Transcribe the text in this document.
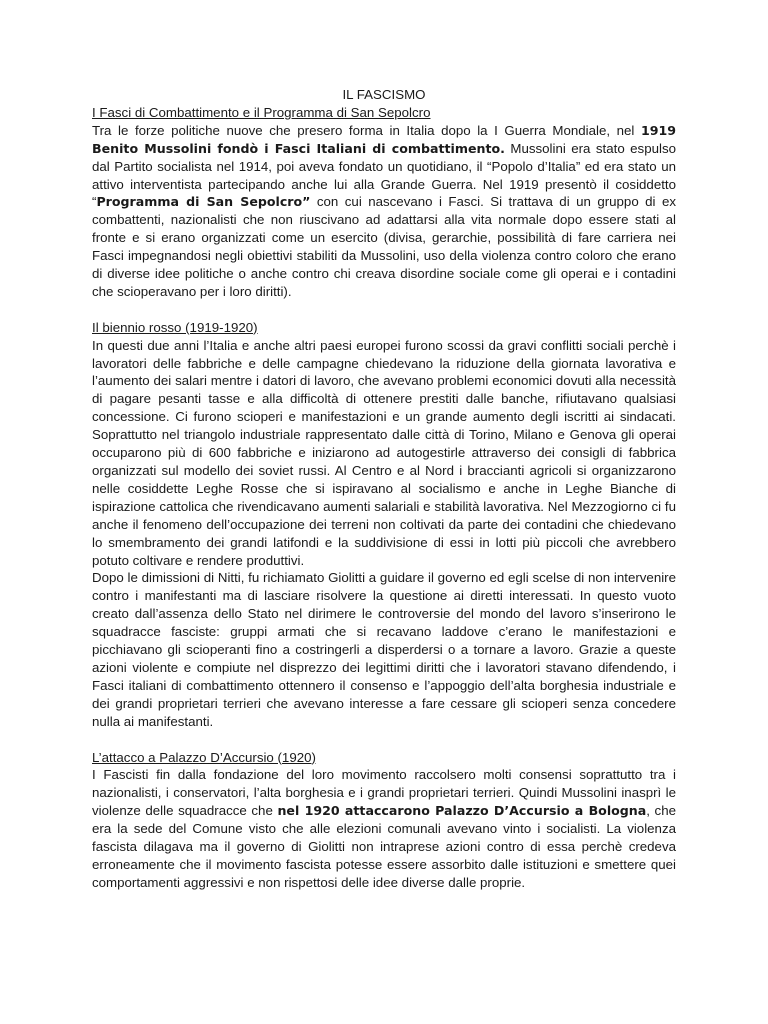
IL FASCISMO
I Fasci di Combattimento e il Programma di San Sepolcro

Tra le forze politiche nuove che presero forma in Italia dopo la I Guerra Mondiale, nel 1919 Benito Mussolini fondò i Fasci Italiani di combattimento. Mussolini era stato espulso dal Partito socialista nel 1914, poi aveva fondato un quotidiano, il “Popolo d’Italia” ed era stato un attivo interventista partecipando anche lui alla Grande Guerra. Nel 1919 presentò il cosiddetto “Programma di San Sepolcro” con cui nascevano i Fasci. Si trattava di un gruppo di ex combattenti, nazionalisti che non riuscivano ad adattarsi alla vita normale dopo essere stati al fronte e si erano organizzati come un esercito (divisa, gerarchie, possibilità di fare carriera nei Fasci impegnandosi negli obiettivi stabiliti da Mussolini, uso della violenza contro coloro che erano di diverse idee politiche o anche contro chi creava disordine sociale come gli operai e i contadini che scioperavano per i loro diritti).

Il biennio rosso (1919-1920)

In questi due anni l’Italia e anche altri paesi europei furono scossi da gravi conflitti sociali perchè i lavoratori delle fabbriche e delle campagne chiedevano la riduzione della giornata lavorativa e l’aumento dei salari mentre i datori di lavoro, che avevano problemi economici dovuti alla necessità di pagare pesanti tasse e alla difficoltà di ottenere prestiti dalle banche, rifiutavano qualsiasi concessione. Ci furono scioperi e manifestazioni e un grande aumento degli iscritti ai sindacati. Soprattutto nel triangolo industriale rappresentato dalle città di Torino, Milano e Genova gli operai occuparono più di 600 fabbriche e iniziarono ad autogestirle attraverso dei consigli di fabbrica organizzati sul modello dei soviet russi. Al Centro e al Nord i braccianti agricoli si organizzarono nelle cosiddette Leghe Rosse che si ispiravano al socialismo e anche in Leghe Bianche di ispirazione cattolica che rivendicavano aumenti salariali e stabilità lavorativa. Nel Mezzogiorno ci fu anche il fenomeno dell’occupazione dei terreni non coltivati da parte dei contadini che chiedevano lo smembramento dei grandi latifondi e la suddivisione di essi in lotti più piccoli che avrebbero potuto coltivare e rendere produttivi.

Dopo le dimissioni di Nitti, fu richiamato Giolitti a guidare il governo ed egli scelse di non intervenire contro i manifestanti ma di lasciare risolvere la questione ai diretti interessati. In questo vuoto creato dall’assenza dello Stato nel dirimere le controversie del mondo del lavoro s’inserirono le squadracce fasciste: gruppi armati che si recavano laddove c’erano le manifestazioni e picchiavano gli scioperanti fino a costringerli a disperdersi o a tornare a lavoro. Grazie a queste azioni violente e compiute nel disprezzo dei legittimi diritti che i lavoratori stavano difendendo, i Fasci italiani di combattimento ottennero il consenso e l’appoggio dell’alta borghesia industriale e dei grandi proprietari terrieri che avevano interesse a fare cessare gli scioperi senza concedere nulla ai manifestanti.

L’attacco a Palazzo D’Accursio (1920)

I Fascisti fin dalla fondazione del loro movimento raccolsero molti consensi soprattutto tra i nazionalisti, i conservatori, l’alta borghesia e i grandi proprietari terrieri. Quindi Mussolini inasprì le violenze delle squadracce che nel 1920 attaccarono Palazzo D’Accursio a Bologna, che era la sede del Comune visto che alle elezioni comunali avevano vinto i socialisti. La violenza fascista dilagava ma il governo di Giolitti non intraprese azioni contro di essa perchè credeva erroneamente che il movimento fascista potesse essere assorbito dalle istituzioni e smettere quei comportamenti aggressivi e non rispettosi delle idee diverse dalle proprie.
